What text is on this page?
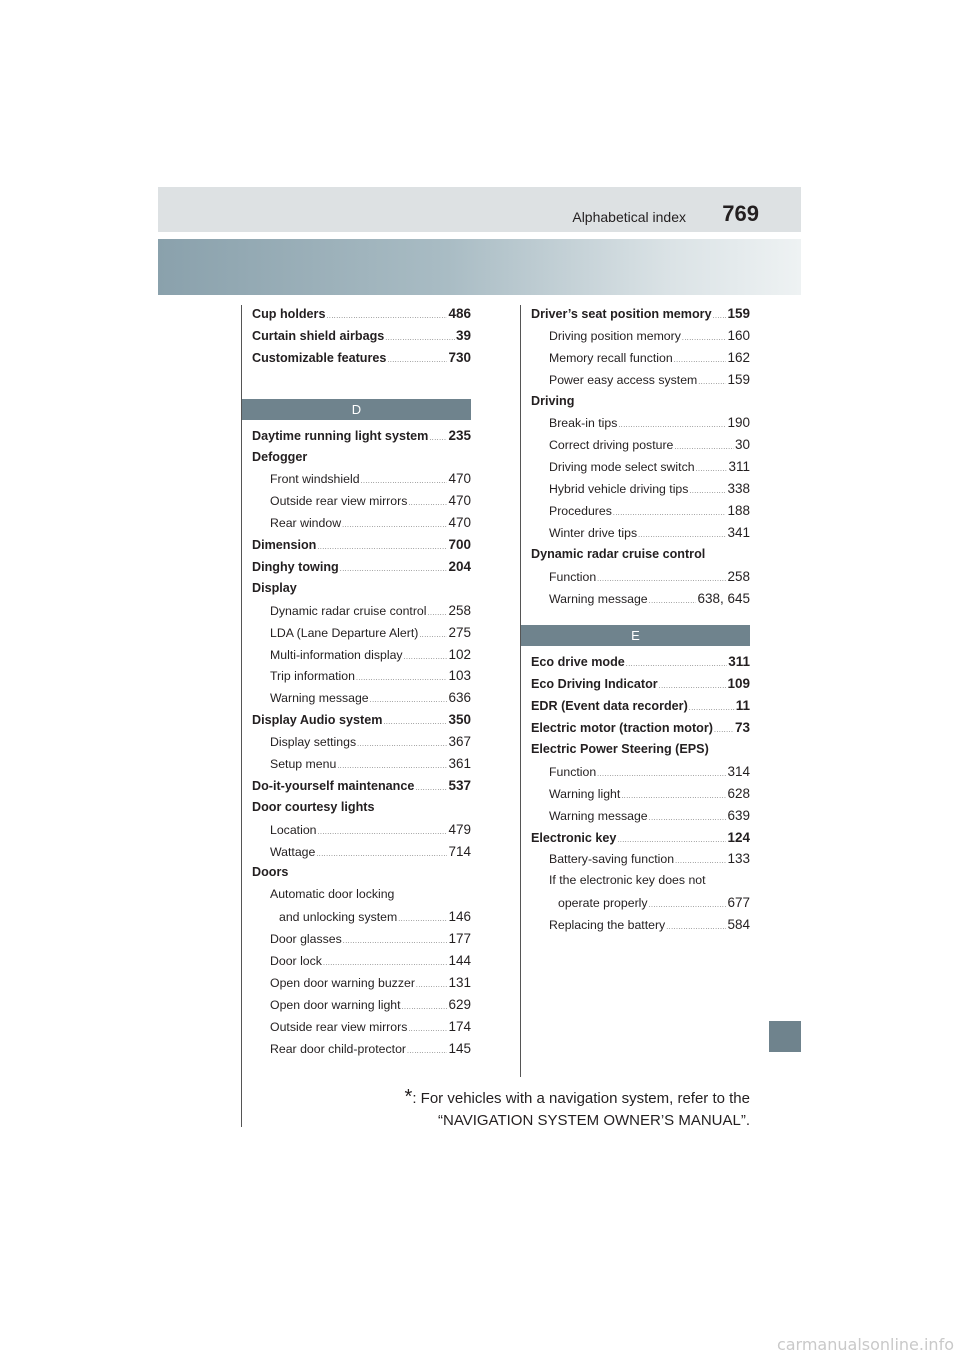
Alphabetical index 769
Cup holders .....	486
Curtain shield airbags .....	39
Customizable features .....	730
D
Daytime running light system ..... 235
Defogger
Front windshield .....	470
Outside rear view mirrors .....	470
Rear window .....	470
Dimension .....	700
Dinghy towing .....	204
Display
Dynamic radar cruise control ..... 258
LDA (Lane Departure Alert) ..... 275
Multi-information display .....	102
Trip information .....	103
Warning message .....	636
Display Audio system .....	350
Display settings .....	367
Setup menu .....	361
Do-it-yourself maintenance .....	537
Door courtesy lights
Location .....	479
Wattage .....	714
Doors
Automatic door locking
and unlocking system .....	146
Door glasses .....	177
Door lock .....	144
Open door warning buzzer ..... 131
Open door warning light .....	629
Outside rear view mirrors .....	174
Rear door child-protector .....	145
Driver’s seat position memory ..... 159
Driving position memory .....	160
Memory recall function .....	162
Power easy access system ..... 159
Driving
Break-in tips .....	190
Correct driving posture .....	30
Driving mode select switch .....	311
Hybrid vehicle driving tips .....	338
Procedures .....	188
Winter drive tips .....	341
Dynamic radar cruise control
Function .....	258
Warning message .....	638, 645
E
Eco drive mode .....	311
Eco Driving Indicator .....	109
EDR (Event data recorder) .....	11
Electric motor (traction motor) ..... 73
Electric Power Steering (EPS)
Function .....	314
Warning light .....	628
Warning message .....	639
Electronic key .....	124
Battery-saving function .....	133
If the electronic key does not
operate properly .....	677
Replacing the battery .....	584
*: For vehicles with a navigation system, refer to the
“NAVIGATION SYSTEM OWNER’S MANUAL”.
carmanualsonline.info
